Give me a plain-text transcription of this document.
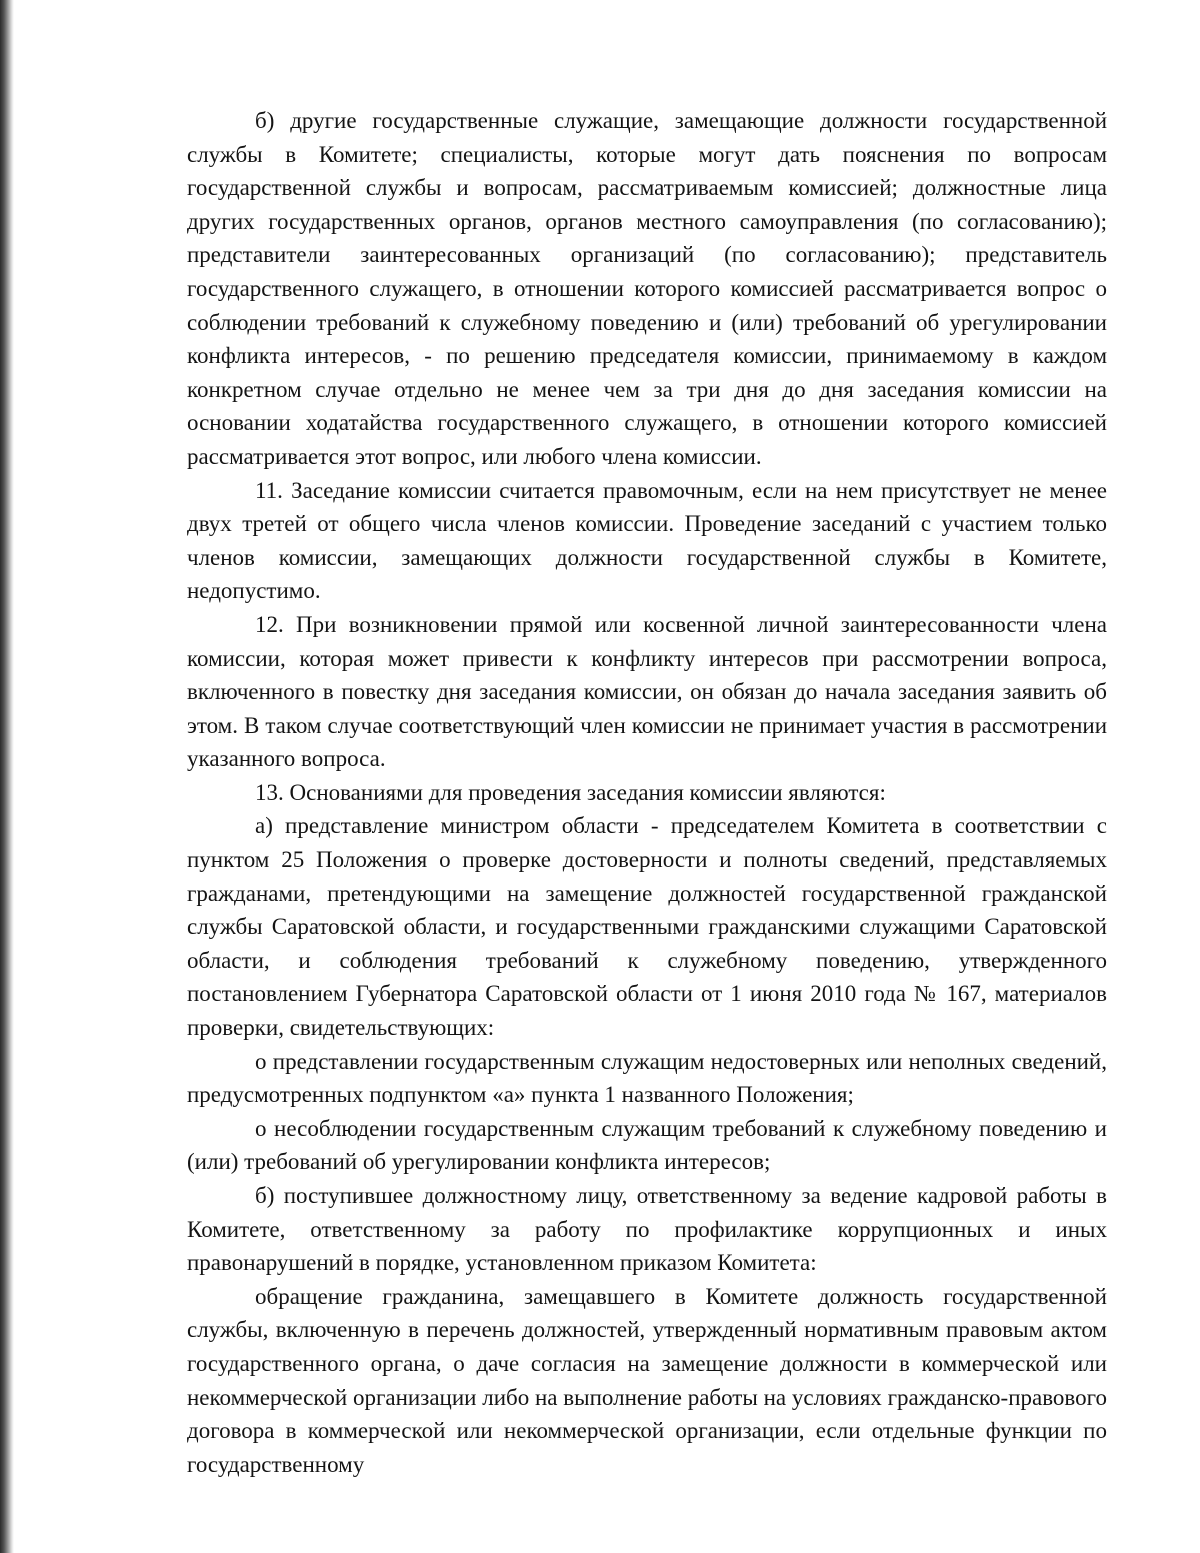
б) другие государственные служащие, замещающие должности государственной службы в Комитете; специалисты, которые могут дать пояснения по вопросам государственной службы и вопросам, рассматриваемым комиссией; должностные лица других государственных органов, органов местного самоуправления (по согласованию); представители заинтересованных организаций (по согласованию); представитель государственного служащего, в отношении которого комиссией рассматривается вопрос о соблюдении требований к служебному поведению и (или) требований об урегулировании конфликта интересов, - по решению председателя комиссии, принимаемому в каждом конкретном случае отдельно не менее чем за три дня до дня заседания комиссии на основании ходатайства государственного служащего, в отношении которого комиссией рассматривается этот вопрос, или любого члена комиссии.

11. Заседание комиссии считается правомочным, если на нем присутствует не менее двух третей от общего числа членов комиссии. Проведение заседаний с участием только членов комиссии, замещающих должности государственной службы в Комитете, недопустимо.

12. При возникновении прямой или косвенной личной заинтересованности члена комиссии, которая может привести к конфликту интересов при рассмотрении вопроса, включенного в повестку дня заседания комиссии, он обязан до начала заседания заявить об этом. В таком случае соответствующий член комиссии не принимает участия в рассмотрении указанного вопроса.

13. Основаниями для проведения заседания комиссии являются:

а) представление министром области - председателем Комитета в соответствии с пунктом 25 Положения о проверке достоверности и полноты сведений, представляемых гражданами, претендующими на замещение должностей государственной гражданской службы Саратовской области, и государственными гражданскими служащими Саратовской области, и соблюдения требований к служебному поведению, утвержденного постановлением Губернатора Саратовской области от 1 июня 2010 года № 167, материалов проверки, свидетельствующих:

о представлении государственным служащим недостоверных или неполных сведений, предусмотренных подпунктом «а» пункта 1 названного Положения;

о несоблюдении государственным служащим требований к служебному поведению и (или) требований об урегулировании конфликта интересов;

б) поступившее должностному лицу, ответственному за ведение кадровой работы в Комитете, ответственному за работу по профилактике коррупционных и иных правонарушений в порядке, установленном приказом Комитета:

обращение гражданина, замещавшего в Комитете должность государственной службы, включенную в перечень должностей, утвержденный нормативным правовым актом государственного органа, о даче согласия на замещение должности в коммерческой или некоммерческой организации либо на выполнение работы на условиях гражданско-правового договора в коммерческой или некоммерческой организации, если отдельные функции по государственному
